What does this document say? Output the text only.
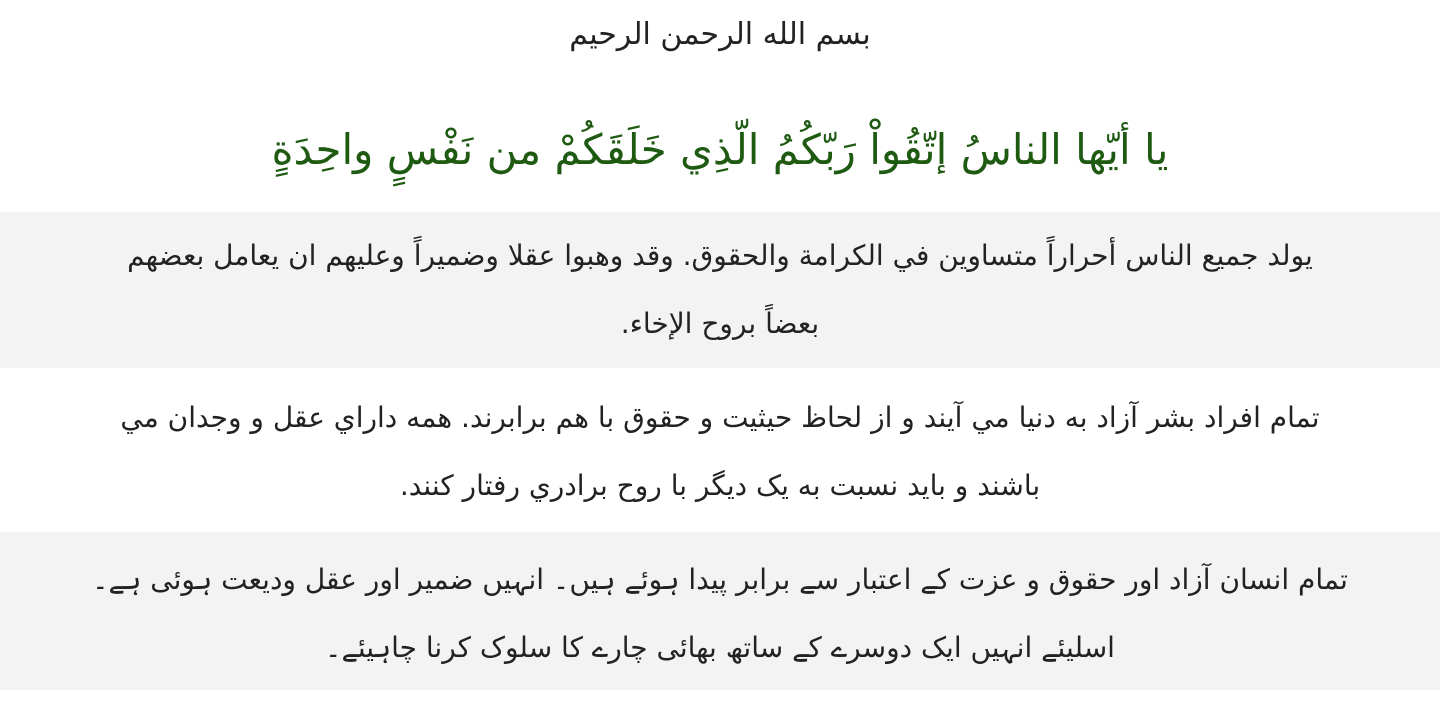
بسم الله الرحمن الرحيم
يا أيّها الناسُ إتّقُواْ رَبّكُمُ الّذِي خَلَقَكُمْ من نَفْسٍ واحِدَةٍ

يولد جميع الناس أحراراً متساوين في الكرامة والحقوق. وقد وهبوا عقلا وضميراً وعليهم ان يعامل بعضهم

بعضاً بروح الإخاء.

تمام افراد بشر آزاد به دنيا مي آيند و از لحاظ حيثيت و حقوق با هم برابرند. همه داراي عقل و وجدان مي

باشند و بايد نسبت به يک ديگر با روح برادري رفتار کنند.

تمام انسان آزاد اور حقوق و عزت کے اعتبار سے برابر پیدا ہوئے ہیں۔ انہیں ضمیر اور عقل ودیعت ہوئی ہے۔

اسلیئے انہیں ایک دوسرے کے ساتھ بھائی چارے کا سلوک کرنا چاہیئے۔
